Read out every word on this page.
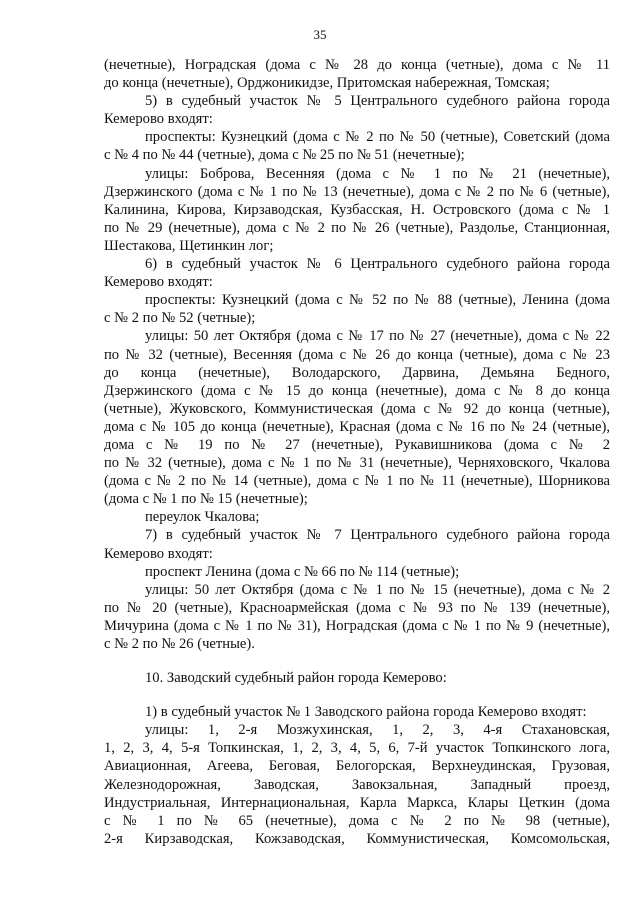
35
(нечетные), Ноградская (дома с № 28 до конца (четные), дома с № 11
до конца (нечетные), Орджоникидзе, Притомская набережная, Томская;
5) в судебный участок № 5 Центрального судебного района города
Кемерово входят:
проспекты: Кузнецкий (дома с № 2 по № 50 (четные), Советский (дома
с № 4 по № 44 (четные), дома с № 25 по № 51 (нечетные);
улицы: Боброва, Весенняя (дома с № 1 по № 21 (нечетные),
Дзержинского (дома с № 1 по № 13 (нечетные), дома с № 2 по № 6 (четные),
Калинина, Кирова, Кирзаводская, Кузбасская, Н. Островского (дома с № 1
по № 29 (нечетные), дома с № 2 по № 26 (четные), Раздолье, Станционная,
Шестакова, Щетинкин лог;
6) в судебный участок № 6 Центрального судебного района города
Кемерово входят:
проспекты: Кузнецкий (дома с № 52 по № 88 (четные), Ленина (дома
с № 2 по № 52 (четные);
улицы: 50 лет Октября (дома с № 17 по № 27 (нечетные), дома с № 22
по № 32 (четные), Весенняя (дома с № 26 до конца (четные), дома с № 23
до конца (нечетные), Володарского, Дарвина, Демьяна Бедного,
Дзержинского (дома с № 15 до конца (нечетные), дома с № 8 до конца
(четные), Жуковского, Коммунистическая (дома с № 92 до конца (четные),
дома с № 105 до конца (нечетные), Красная (дома с № 16 по № 24 (четные),
дома с № 19 по № 27 (нечетные), Рукавишникова (дома с № 2
по № 32 (четные), дома с № 1 по № 31 (нечетные), Черняховского, Чкалова
(дома с № 2 по № 14 (четные), дома с № 1 по № 11 (нечетные), Шорникова
(дома с № 1 по № 15 (нечетные);
переулок Чкалова;
7) в судебный участок № 7 Центрального судебного района города
Кемерово входят:
проспект Ленина (дома с № 66 по № 114 (четные);
улицы: 50 лет Октября (дома с № 1 по № 15 (нечетные), дома с № 2
по № 20 (четные), Красноармейская (дома с № 93 по № 139 (нечетные),
Мичурина (дома с № 1 по № 31), Ноградская (дома с № 1 по № 9 (нечетные),
с № 2 по № 26 (четные).
10. Заводский судебный район города Кемерово:
1) в судебный участок № 1 Заводского района города Кемерово входят:
улицы: 1, 2-я Мозжухинская, 1, 2, 3, 4-я Стахановская,
1, 2, 3, 4, 5-я Топкинская, 1, 2, 3, 4, 5, 6, 7-й участок Топкинского лога,
Авиационная, Агеева, Беговая, Белогорская, Верхнеудинская, Грузовая,
Железнодорожная, Заводская, Завокзальная, Западный проезд,
Индустриальная, Интернациональная, Карла Маркса, Клары Цеткин (дома
с № 1 по № 65 (нечетные), дома с № 2 по № 98 (четные),
2-я Кирзаводская, Кожзаводская, Коммунистическая, Комсомольская,
